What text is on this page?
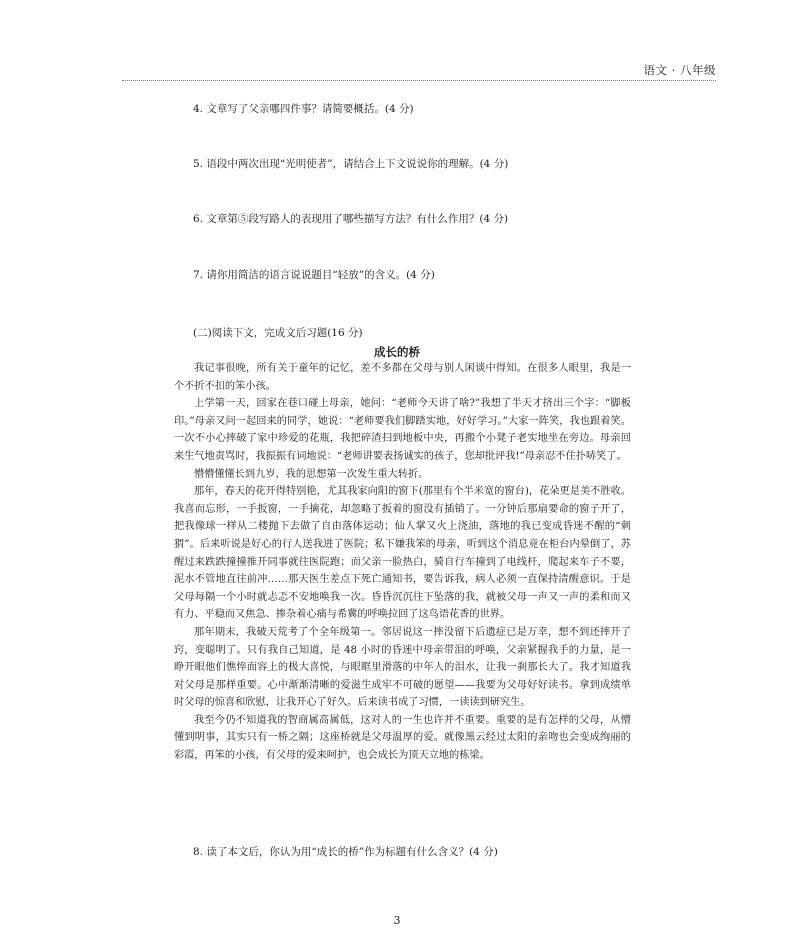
语文 · 八年级
4. 文章写了父亲哪四件事？请简要概括。(4 分)
5. 语段中两次出现“光明使者”，请结合上下文说说你的理解。(4 分)
6. 文章第⑤段写路人的表现用了哪些描写方法？有什么作用？(4 分)
7. 请你用简洁的语言说说题目“轻放”的含义。(4 分)
(二)阅读下文，完成文后习题(16 分)
成长的桥

我记事很晚，所有关于童年的记忆，差不多都在父母与别人闲谈中得知。在很多人眼里，我是一个不折不扣的笨小孩。

上学第一天，回家在巷口碰上母亲，她问：“老师今天讲了啥?”我想了半天才挤出三个字：“脚板印。”母亲又问一起回来的同学，她说：“老师要我们脚踏实地，好好学习。”大家一阵笑，我也跟着笑。一次不小心摔破了家中珍爱的花瓶，我把碎渣扫到地板中央，再搬个小凳子老实地坐在旁边。母亲回来生气地责骂时，我振振有词地说：“老师讲要表扬诚实的孩子，您却批评我!”母亲忍不住扑哧笑了。

懵懵懂懂长到九岁，我的思想第一次发生重大转折。

那年，春天的花开得特别艳，尤其我家向阳的窗下(那里有个半米宽的窗台)，花朵更是美不胜收。我喜而忘形，一手扳窗，一手摘花，却忽略了扳着的窗没有插销了。一分钟后那扇要命的窗子开了，把我像球一样从二楼抛下去做了自由落体运动；仙人掌又火上浇油，落地的我已变成昏迷不醒的“刺猬”。后来听说是好心的行人送我进了医院；私下嫌我笨的母亲，听到这个消息竟在柜台内晕倒了，苏醒过来跌跌撞撞推开同事就往医院跑；而父亲一脸热白，骑自行车撞到了电线杆，爬起来车子不要，泥水不管地直往前冲……那天医生差点下死亡通知书，要告诉我，病人必须一直保持清醒意识。于是父母每隔一个小时就忐忑不安地唤我一次。昏昏沉沉往下坠落的我，就被父母一声又一声的柔和而又有力、平稳而又焦急、掺杂着心痛与希冀的呼唤拉回了这鸟语花香的世界。

那年期末，我破天荒考了个全年级第一。邻居说这一摔没留下后遗症已是万幸，想不到还摔开了窍，变聪明了。只有我自己知道，是 48 小时的昏迷中母亲带泪的呼唤，父亲紧握我手的力量，是一睁开眼他们憔悴面容上的极大喜悦，与眼眶里滑落的中年人的泪水，让我一刹那长大了。我才知道我对父母是那样重要。心中渐渐清晰的爱滋生成牢不可破的愿望——我要为父母好好读书。拿到成绩单时父母的惊喜和欣慰，让我开心了好久。后来读书成了习惯，一读读到研究生。

我至今仍不知道我的智商属高属低，这对人的一生也许并不重要。重要的是有怎样的父母，从懵懂到明事，其实只有一桥之隔；这座桥就是父母温厚的爱。就像黑云经过太阳的亲吻也会变成绚丽的彩霞，再笨的小孩，有父母的爱来呵护，也会成长为顶天立地的栋梁。

8. 读了本文后，你认为用“成长的桥”作为标题有什么含义？(4 分)
3
